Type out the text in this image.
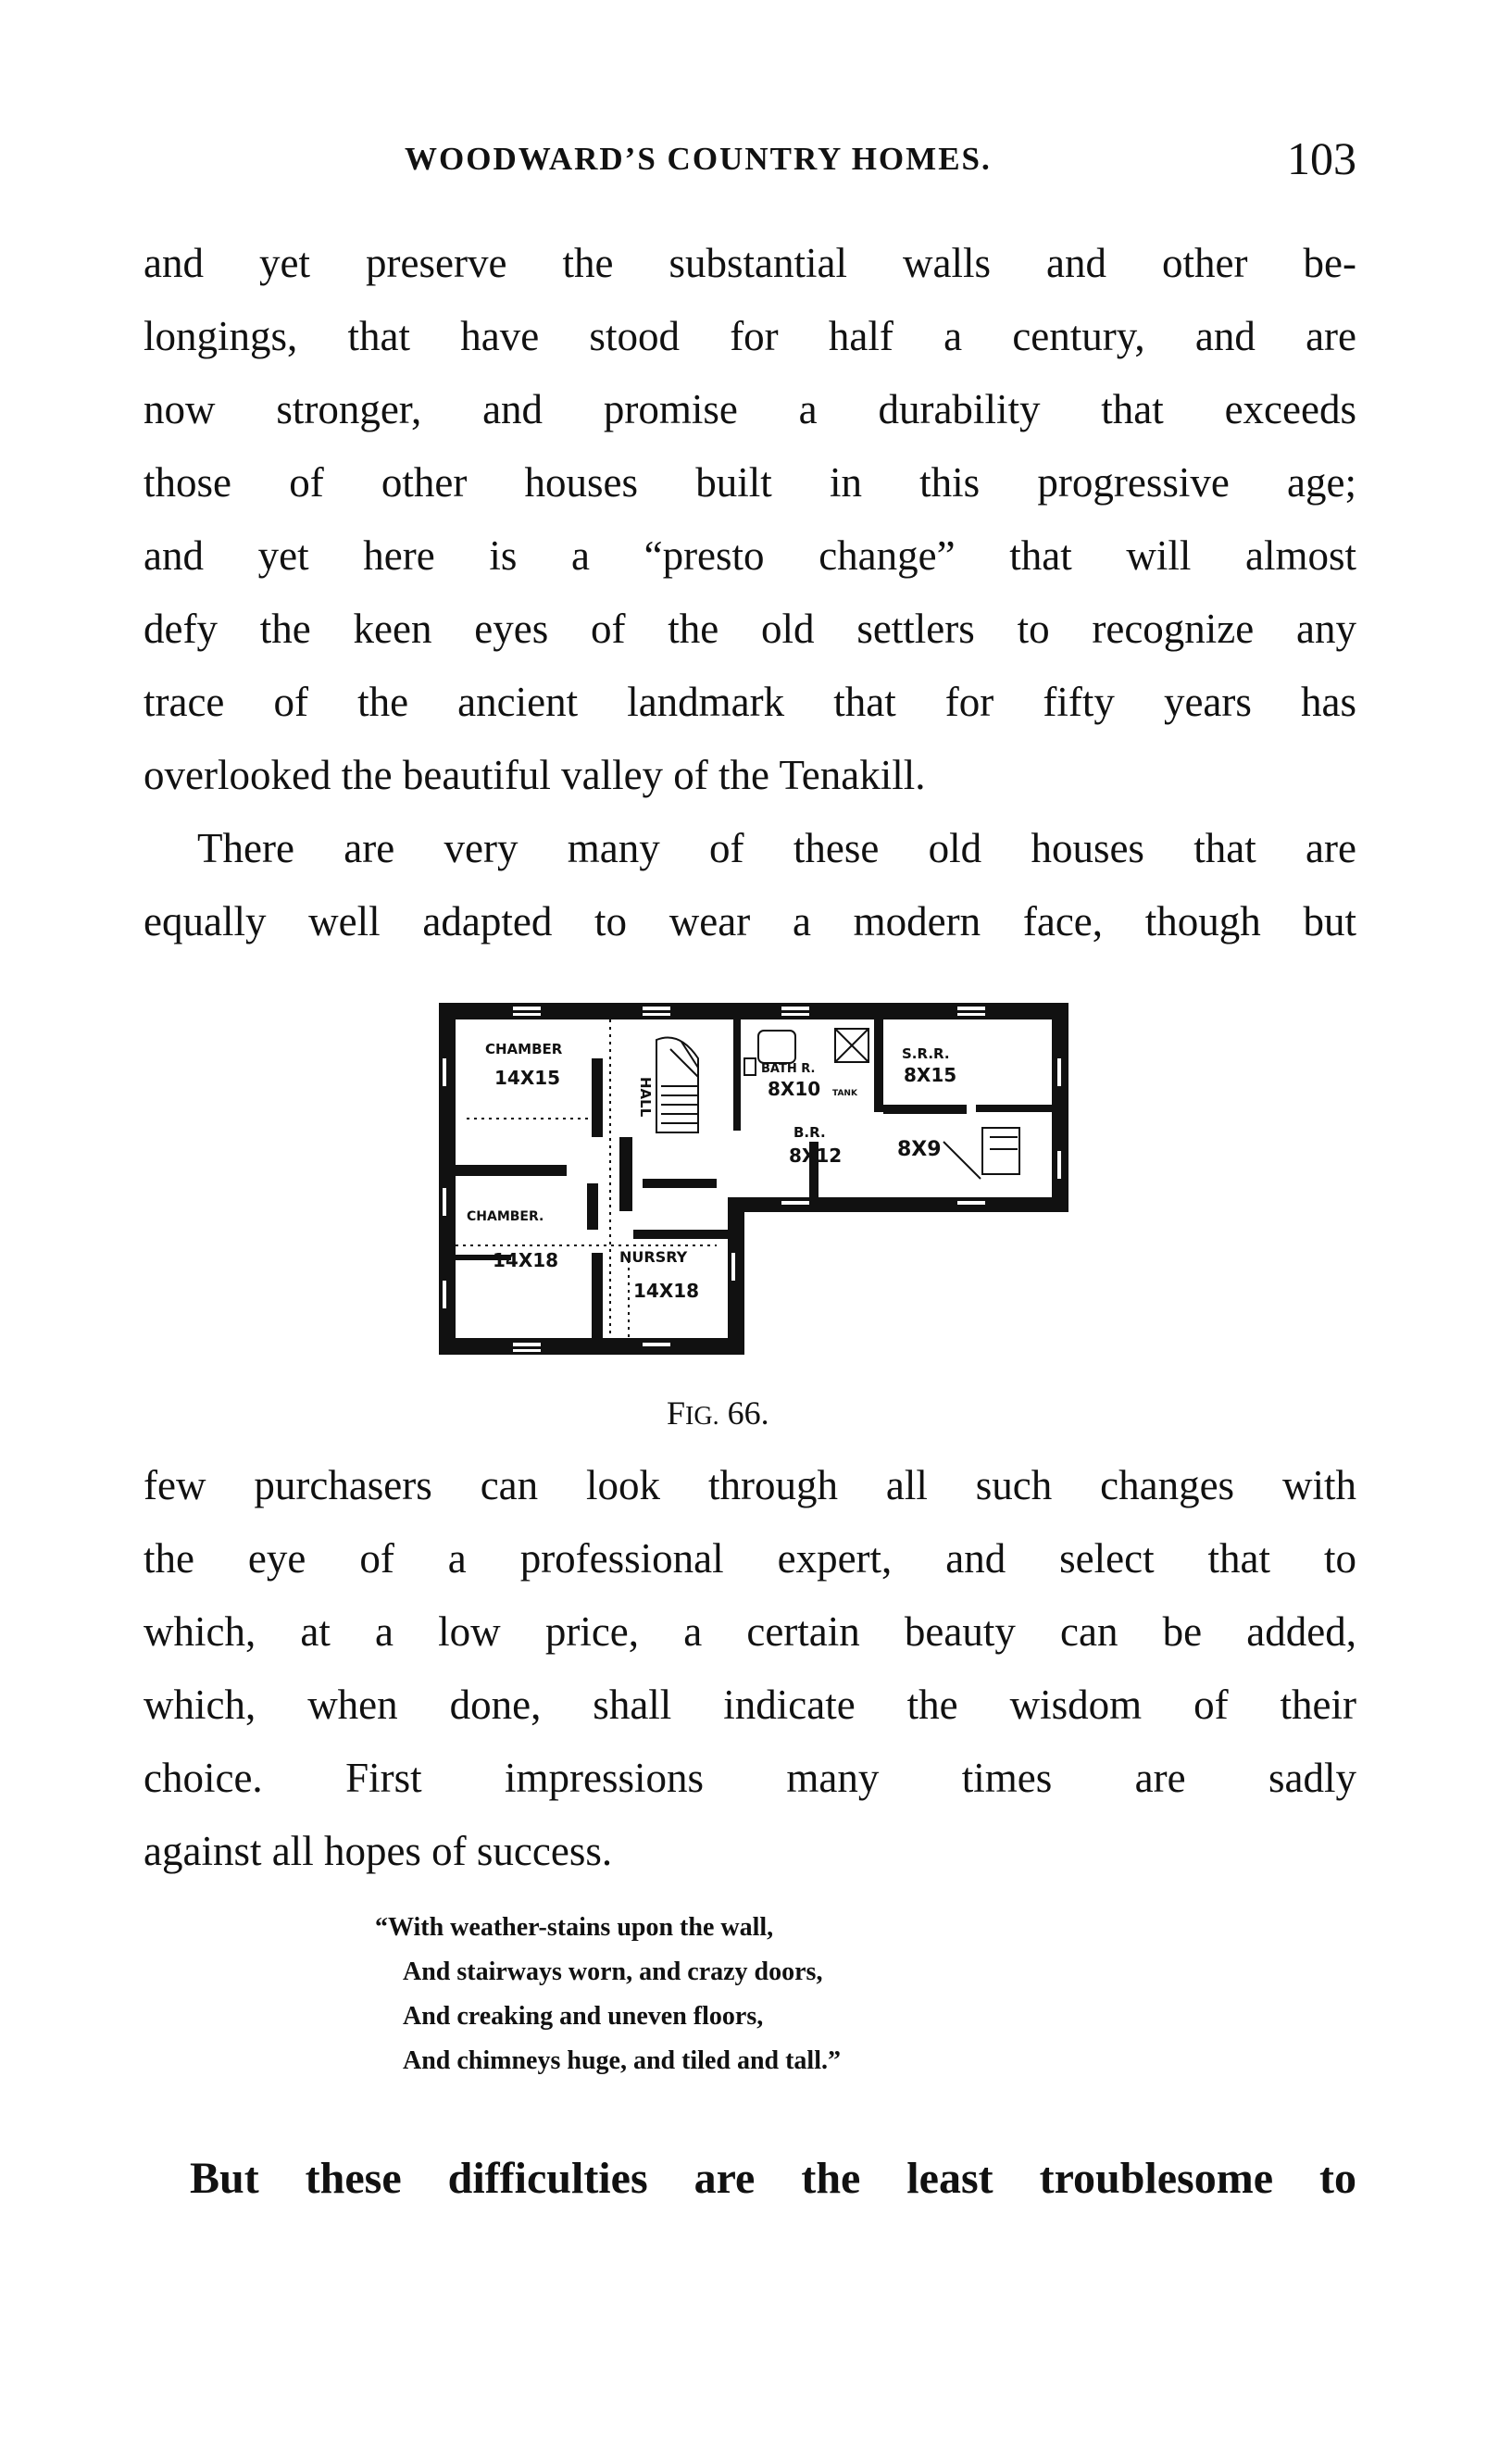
WOODWARD’S COUNTRY HOMES.	103
and yet preserve the substantial walls and other be-
longings, that have stood for half a century, and are
now stronger, and promise a durability that exceeds
those of other houses built in this progressive age;
and yet here is a “presto change” that will almost
defy the keen eyes of the old settlers to recognize any
trace of the ancient landmark that for fifty years has
overlooked the beautiful valley of the Tenakill.
There are very many of these old houses that are
equally well adapted to wear a modern face, though but
CHAMBER
14X15	HALL
BATH R.
8X10 TANK
S.R.R.
8X15
B.R.
8X12	8X9
CHAMBER.
14X18	NURSRY
14X18
FIG. 66.
few purchasers can look through all such changes with
the eye of a professional expert, and select that to
which, at a low price, a certain beauty can be added,
which, when done, shall indicate the wisdom of their
choice. First impressions many times are sadly
against all hopes of success.
“With weather-stains upon the wall,
And stairways worn, and crazy doors,
And creaking and uneven floors,
And chimneys huge, and tiled and tall.”
But these difficulties are the least troublesome to
